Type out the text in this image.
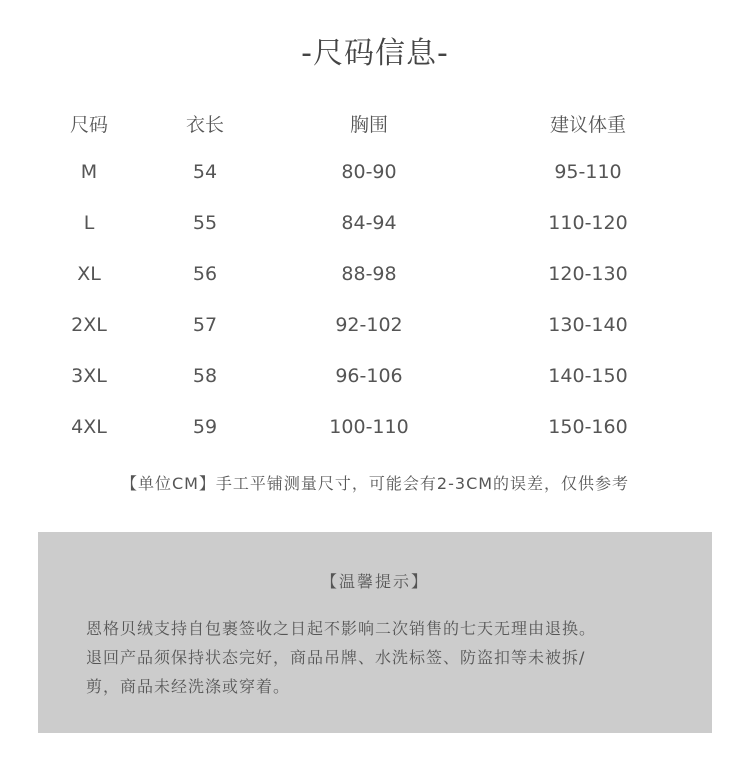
-尺码信息-
尺码	衣长	胸围	建议体重
M	54	80-90	95-110
L	55	84-94	110-120
XL	56	88-98	120-130
2XL	57	92-102	130-140
3XL	58	96-106	140-150
4XL	59	100-110	150-160
【单位CM】手工平铺测量尺寸，可能会有2-3CM的误差，仅供参考
【温馨提示】
恩格贝绒支持自包裹签收之日起不影响二次销售的七天无理由退换。
退回产品须保持状态完好，商品吊牌、水洗标签、防盗扣等未被拆/
剪，商品未经洗涤或穿着。
